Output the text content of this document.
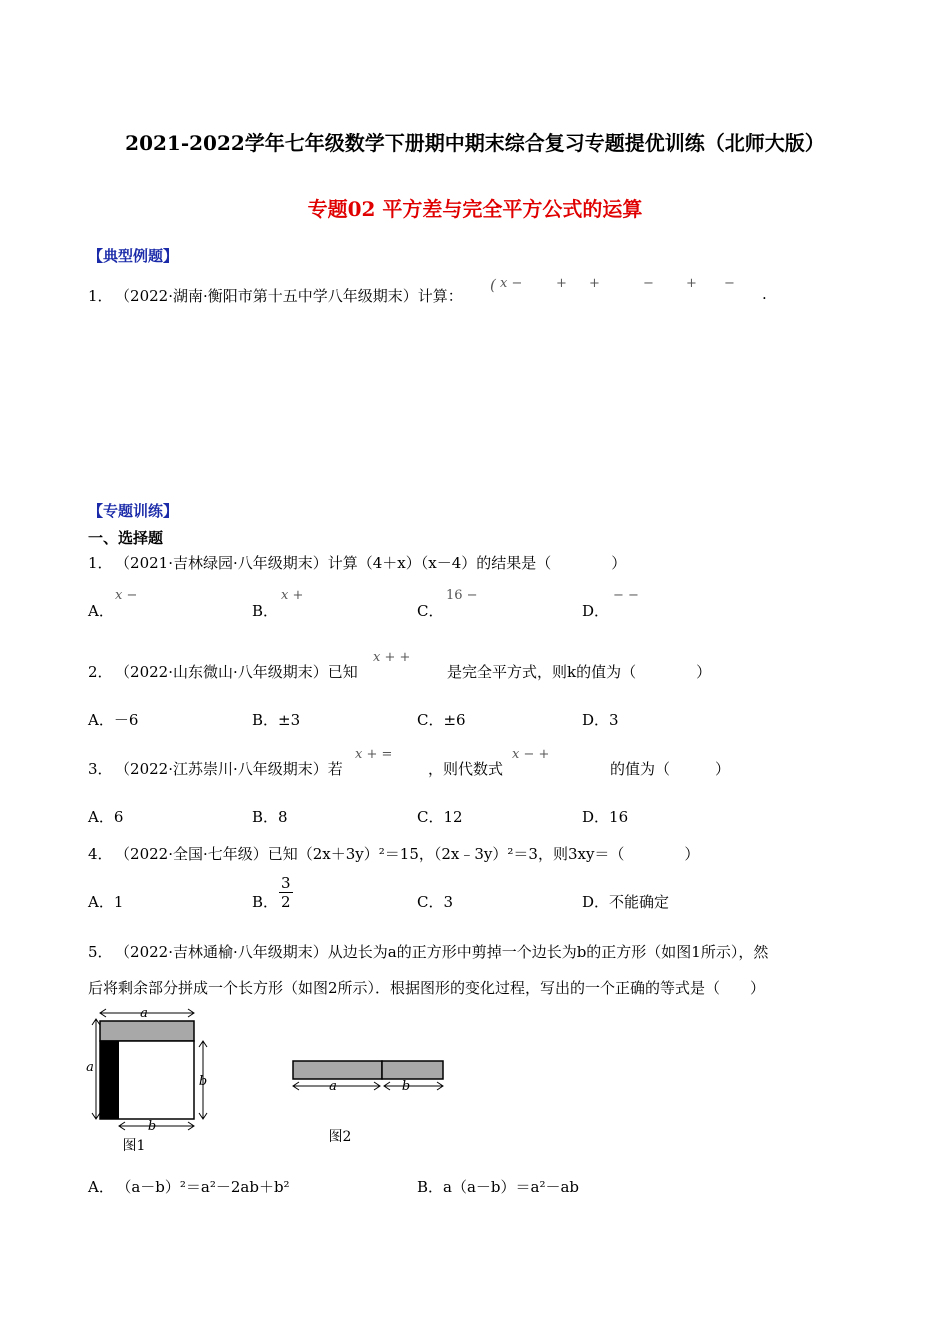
2021-2022学年七年级数学下册期中期末综合复习专题提优训练（北师大版）
专题02 平方差与完全平方公式的运算
【典型例题】
1． （2022·湖南·衡阳市第十五中学八年级期末）计算：
( x −	+ +	− + −
.
【专题训练】
一、选择题
1． （2021·吉林绿园·八年级期末）计算（4＋x）（x－4）的结果是（　　　　）
A．
x −
B．
x +
C．
16 −
D．
− −
2． （2022·山东微山·八年级期末）已知
x + +
是完全平方式，则k的值为（　　　　）
A．－6	B．±3	C．±6	D．3
3． （2022·江苏崇川·八年级期末）若
x + =
，则代数式
x − +
的值为（　　　）
A．6	B．8	C．12	D．16
4． （2022·全国·七年级）已知（2x＋3y）²＝15，（2x﹣3y）²＝3，则3xy＝（　　　　）
A．1	B． $\frac{3}{2}$	C．3	D．不能确定
5． （2022·吉林通榆·八年级期末）从边长为a的正方形中剪掉一个边长为b的正方形（如图1所示），然
后将剩余部分拼成一个长方形（如图2所示）．根据图形的变化过程，写出的一个正确的等式是（　　）
a
a
b
b
图1
a	b
图2
A． （a－b）²＝a²－2ab＋b²	B．a（a－b）＝a²－ab
